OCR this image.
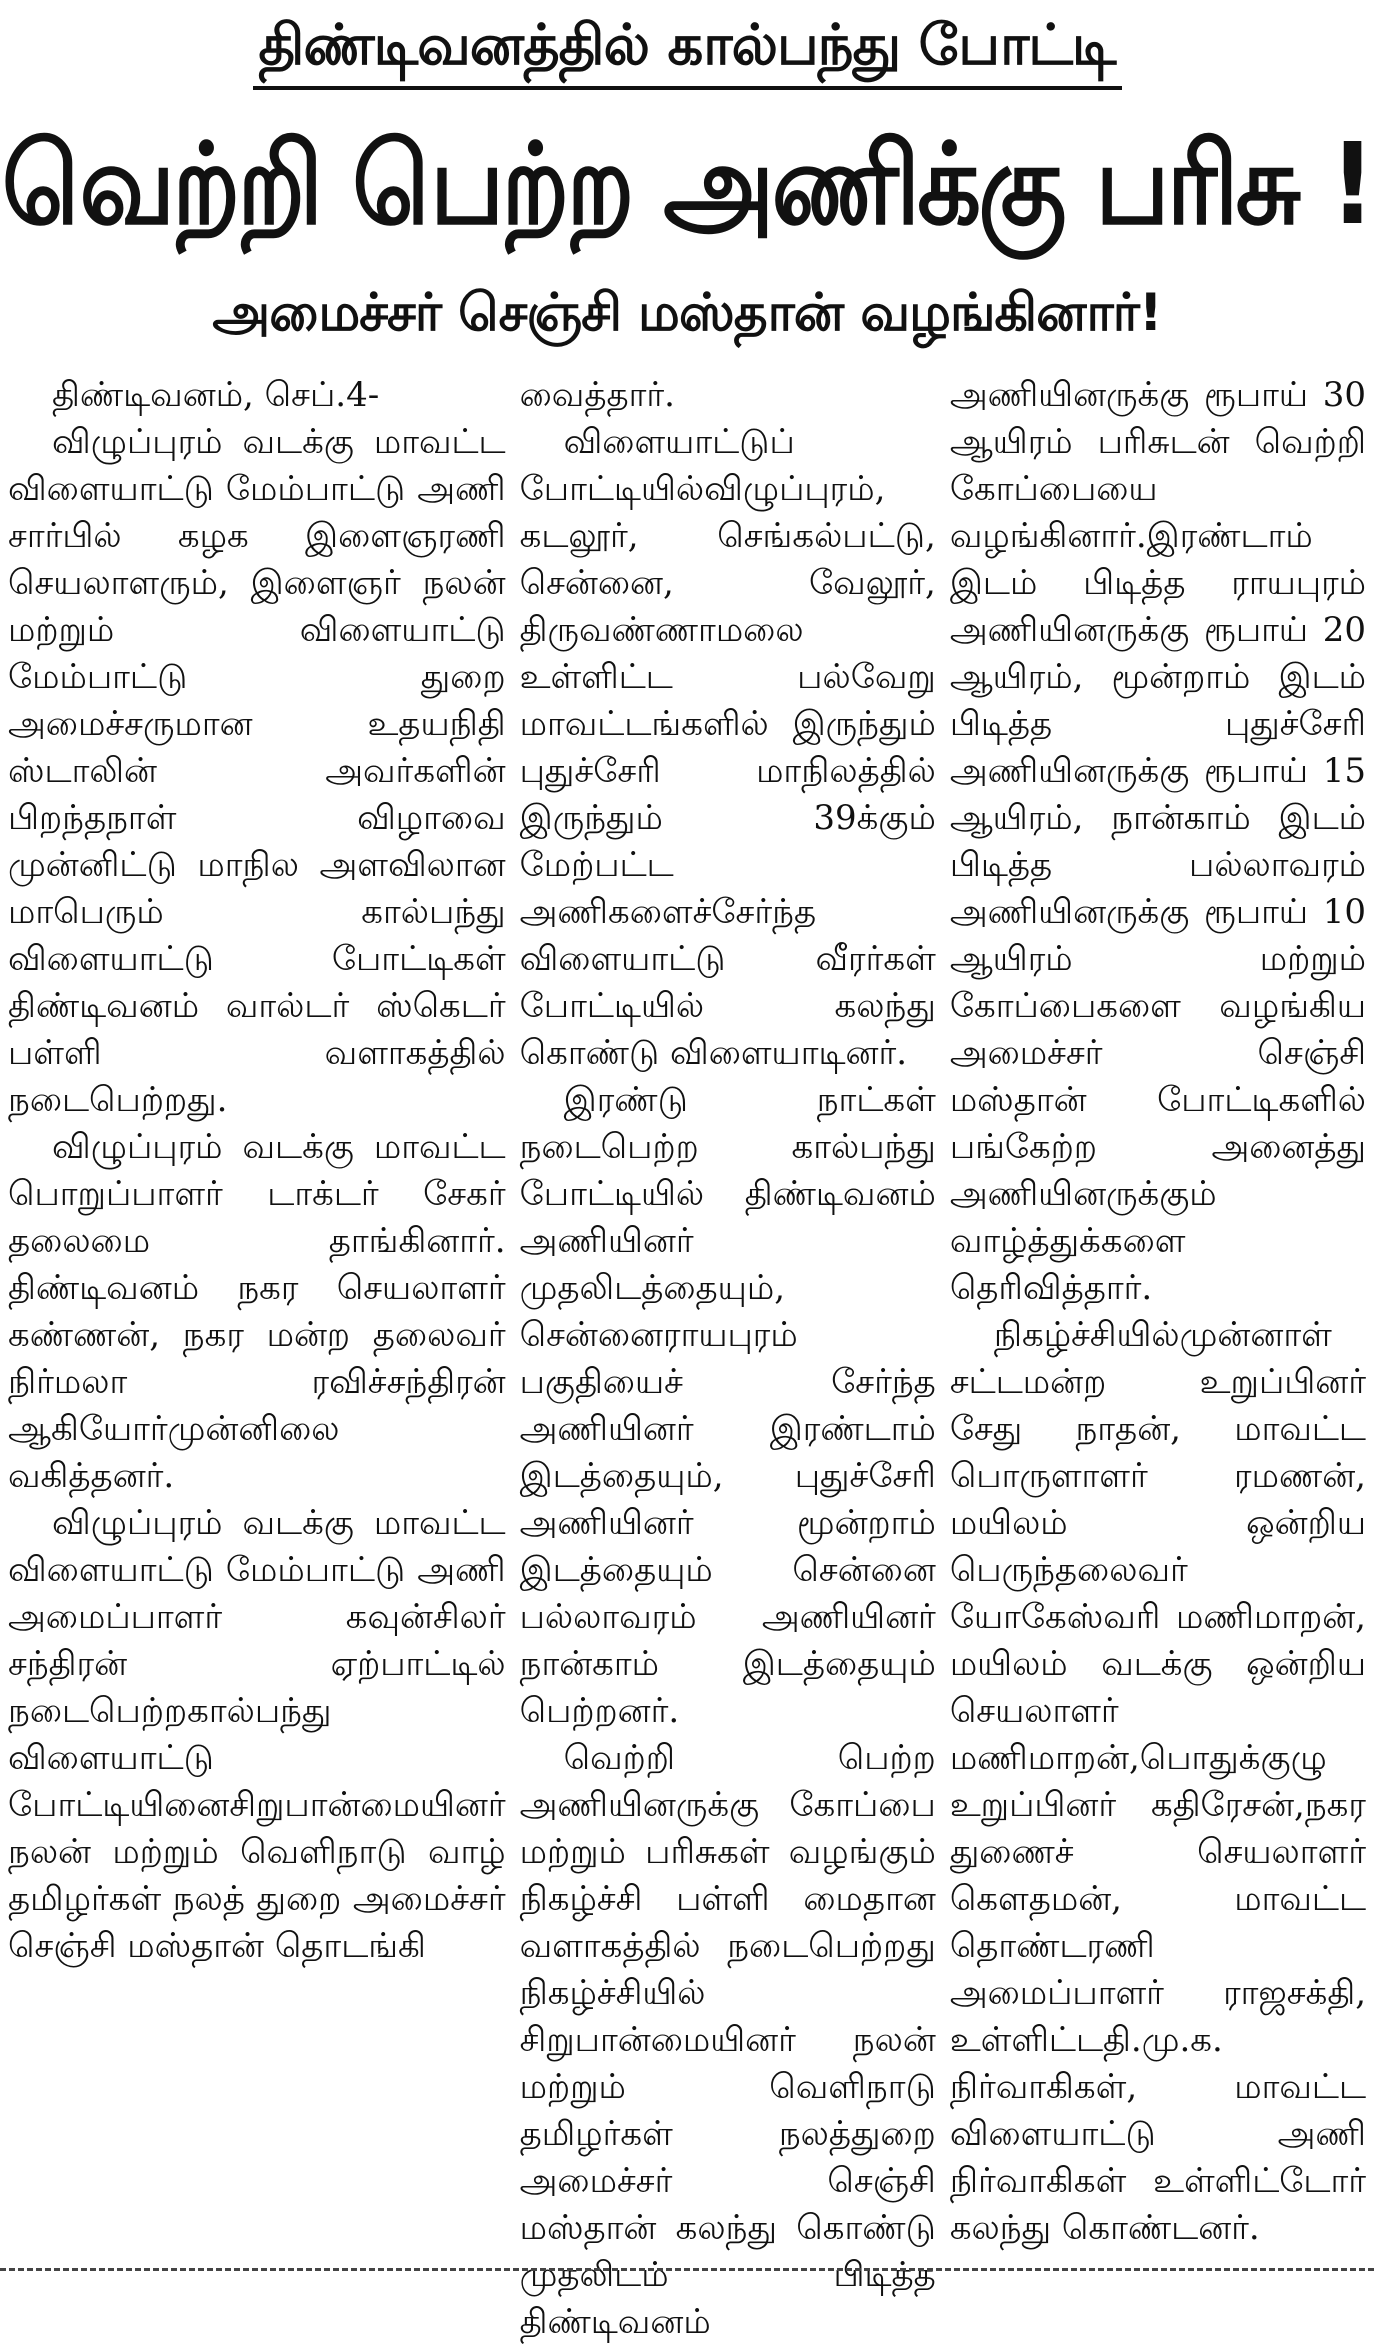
திண்டிவனத்தில் கால்பந்து போட்டி
வெற்றி பெற்ற அணிக்கு பரிசு !
அமைச்சர் செஞ்சி மஸ்தான் வழங்கினார்!

திண்டிவனம், செப்.4-

விழுப்புரம் வடக்கு மாவட்ட விளையாட்டு மேம்பாட்டு அணி சார்பில் கழக இளைஞரணி செயலாளரும், இளைஞர் நலன் மற்றும் விளையாட்டு மேம்பாட்டு துறை அமைச்சருமான உதயநிதி ஸ்டாலின் அவர்களின் பிறந்தநாள் விழாவை முன்னிட்டு மாநில அளவிலான மாபெரும் கால்பந்து விளையாட்டு போட்டிகள் திண்டிவனம் வால்டர் ஸ்கெடர் பள்ளி வளாகத்தில் நடைபெற்றது.

விழுப்புரம் வடக்கு மாவட்ட பொறுப்பாளர் டாக்டர் சேகர் தலைமை தாங்கினார். திண்டிவனம் நகர செயலாளர் கண்ணன், நகர மன்ற தலைவர் நிர்மலா ரவிச்சந்திரன் ஆகியோர்முன்னிலை வகித்தனர்.

விழுப்புரம் வடக்கு மாவட்ட விளையாட்டு மேம்பாட்டு அணி அமைப்பாளர் கவுன்சிலர் சந்திரன் ஏற்பாட்டில் நடைபெற்றகால்பந்து விளையாட்டு போட்டியினைசிறுபான்மையினர் நலன் மற்றும் வெளிநாடு வாழ் தமிழர்கள் நலத் துறை அமைச்சர் செஞ்சி மஸ்தான் தொடங்கி

வைத்தார்.

விளையாட்டுப் போட்டியில்விழுப்புரம், கடலூர், செங்கல்பட்டு, சென்னை, வேலூர், திருவண்ணாமலை உள்ளிட்ட பல்வேறு மாவட்டங்களில் இருந்தும் புதுச்சேரி மாநிலத்தில் இருந்தும் 39க்கும் மேற்பட்ட அணிகளைச்சேர்ந்த விளையாட்டு வீரர்கள் போட்டியில் கலந்து கொண்டு விளையாடினர்.

இரண்டு நாட்கள் நடைபெற்ற கால்பந்து போட்டியில் திண்டிவனம் அணியினர் முதலிடத்தையும், சென்னைராயபுரம் பகுதியைச் சேர்ந்த அணியினர் இரண்டாம் இடத்தையும், புதுச்சேரி அணியினர் மூன்றாம் இடத்தையும் சென்னை பல்லாவரம் அணியினர் நான்காம் இடத்தையும் பெற்றனர்.

வெற்றி பெற்ற அணியினருக்கு கோப்பை மற்றும் பரிசுகள் வழங்கும் நிகழ்ச்சி பள்ளி மைதான வளாகத்தில் நடைபெற்றது நிகழ்ச்சியில் சிறுபான்மையினர் நலன் மற்றும் வெளிநாடு தமிழர்கள் நலத்துறை அமைச்சர் செஞ்சி மஸ்தான் கலந்து கொண்டு முதலிடம் பிடித்த திண்டிவனம்

அணியினருக்கு ரூபாய் 30 ஆயிரம் பரிசுடன் வெற்றி கோப்பையை வழங்கினார்.இரண்டாம் இடம் பிடித்த ராயபுரம் அணியினருக்கு ரூபாய் 20 ஆயிரம், மூன்றாம் இடம் பிடித்த புதுச்சேரி அணியினருக்கு ரூபாய் 15 ஆயிரம், நான்காம் இடம் பிடித்த பல்லாவரம் அணியினருக்கு ரூபாய் 10 ஆயிரம் மற்றும் கோப்பைகளை வழங்கிய அமைச்சர் செஞ்சி மஸ்தான் போட்டிகளில் பங்கேற்ற அனைத்து அணியினருக்கும் வாழ்த்துக்களை தெரிவித்தார்.

நிகழ்ச்சியில்முன்னாள் சட்டமன்ற உறுப்பினர் சேது நாதன், மாவட்ட பொருளாளர் ரமணன், மயிலம் ஒன்றிய பெருந்தலைவர் யோகேஸ்வரி மணிமாறன், மயிலம் வடக்கு ஒன்றிய செயலாளர் மணிமாறன்,பொதுக்குழு உறுப்பினர் கதிரேசன்,நகர துணைச் செயலாளர் கௌதமன், மாவட்ட தொண்டரணி அமைப்பாளர் ராஜசக்தி, உள்ளிட்டதி.மு.க. நிர்வாகிகள், மாவட்ட விளையாட்டு அணி நிர்வாகிகள் உள்ளிட்டோர் கலந்து கொண்டனர்.
